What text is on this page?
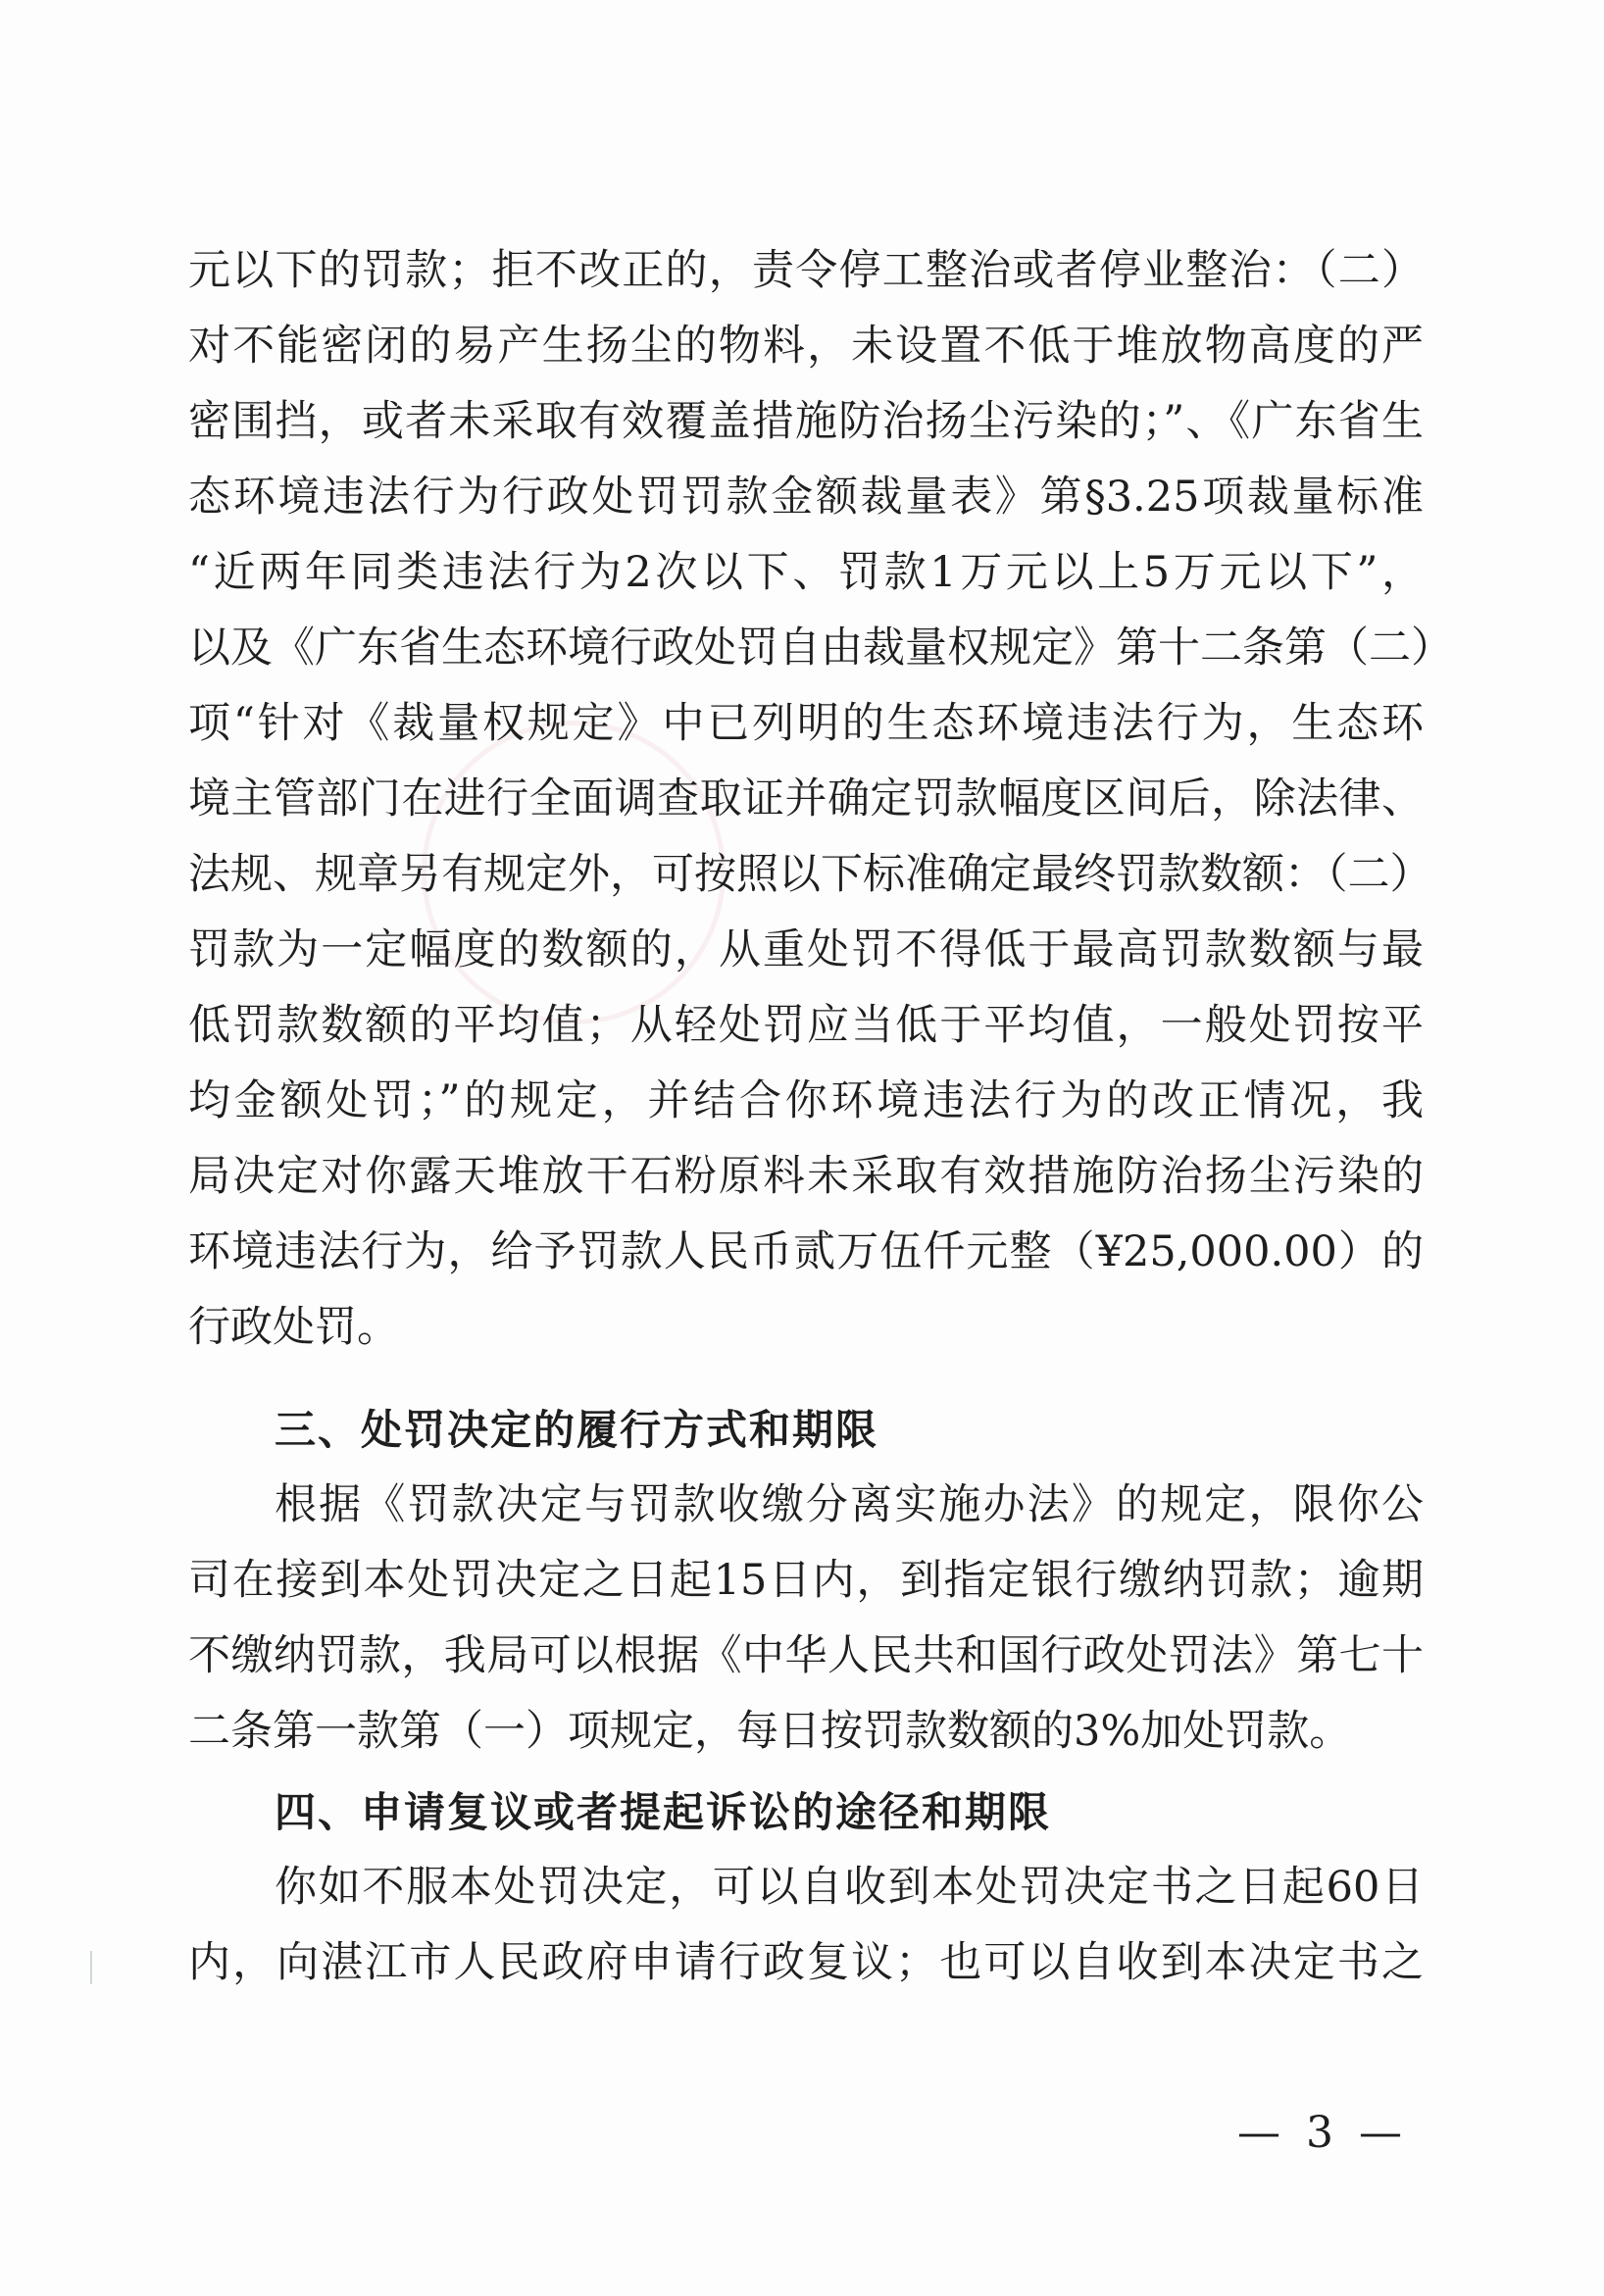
元以下的罚款；拒不改正的，责令停工整治或者停业整治：（二）
对不能密闭的易产生扬尘的物料，未设置不低于堆放物高度的严
密围挡，或者未采取有效覆盖措施防治扬尘污染的；”、《广东省生
态环境违法行为行政处罚罚款金额裁量表》第§3.25项裁量标准
“近两年同类违法行为2次以下、罚款1万元以上5万元以下”，
以及《广东省生态环境行政处罚自由裁量权规定》第十二条第（二）
项“针对《裁量权规定》中已列明的生态环境违法行为，生态环
境主管部门在进行全面调查取证并确定罚款幅度区间后，除法律、
法规、规章另有规定外，可按照以下标准确定最终罚款数额：（二）
罚款为一定幅度的数额的，从重处罚不得低于最高罚款数额与最
低罚款数额的平均值；从轻处罚应当低于平均值，一般处罚按平
均金额处罚；”的规定，并结合你环境违法行为的改正情况，我
局决定对你露天堆放干石粉原料未采取有效措施防治扬尘污染的
环境违法行为，给予罚款人民币贰万伍仟元整（¥25,000.00）的
行政处罚。
三、处罚决定的履行方式和期限
根据《罚款决定与罚款收缴分离实施办法》的规定，限你公
司在接到本处罚决定之日起15日内，到指定银行缴纳罚款；逾期
不缴纳罚款，我局可以根据《中华人民共和国行政处罚法》第七十
二条第一款第（一）项规定，每日按罚款数额的3%加处罚款。
四、申请复议或者提起诉讼的途径和期限
你如不服本处罚决定，可以自收到本处罚决定书之日起60日
内，向湛江市人民政府申请行政复议；也可以自收到本决定书之
— 3 —
